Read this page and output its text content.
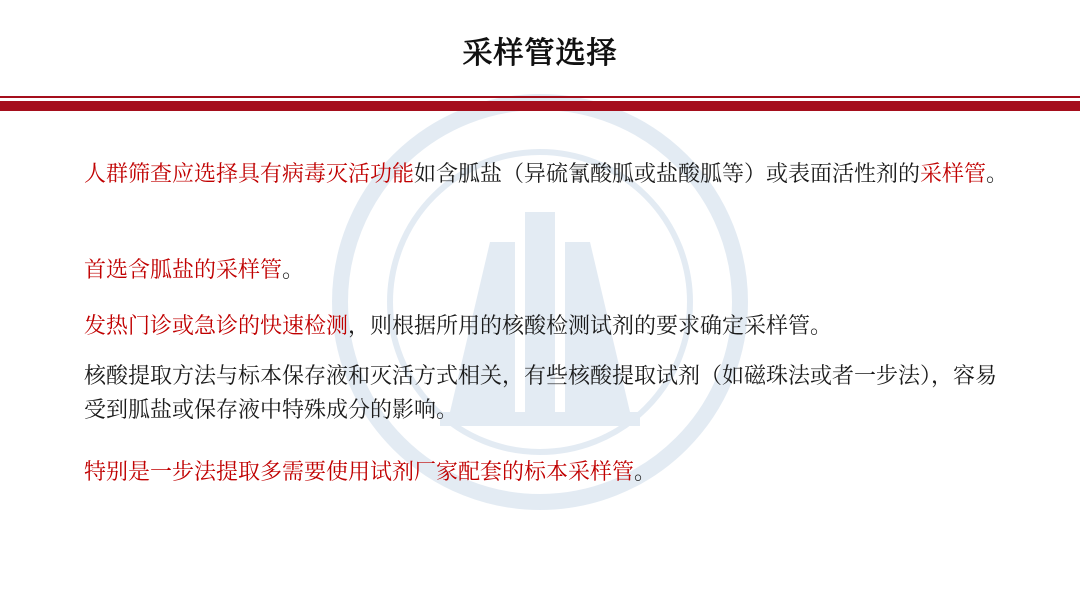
采样管选择
人群筛查应选择具有病毒灭活功能如含胍盐（异硫氰酸胍或盐酸胍等）或表面活性剂的采样管。
首选含胍盐的采样管。
发热门诊或急诊的快速检测，则根据所用的核酸检测试剂的要求确定采样管。
核酸提取方法与标本保存液和灭活方式相关，有些核酸提取试剂（如磁珠法或者一步法），容易受到胍盐或保存液中特殊成分的影响。
特别是一步法提取多需要使用试剂厂家配套的标本采样管。
